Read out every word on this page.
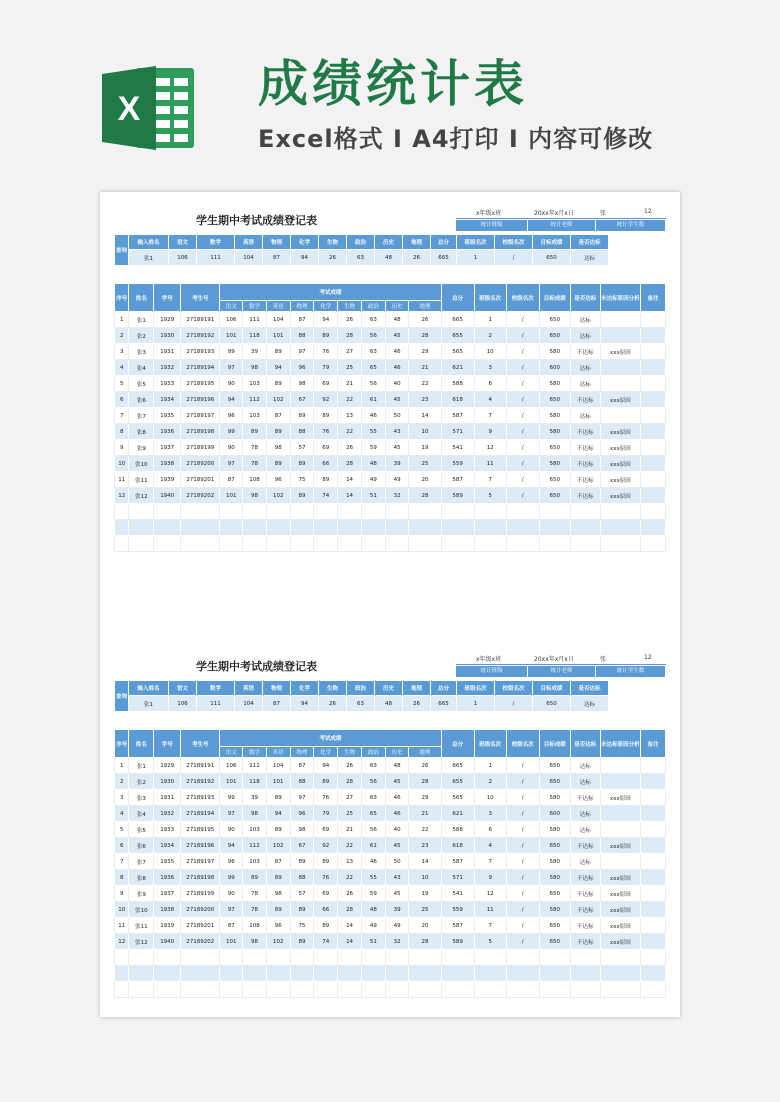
X 成绩统计表
Excel格式 I A4打印 I 内容可修改
学生期中考试成绩登记表
x年级x班	20xx年x月x日	张	12
统计班级	统计老师	统计学生数
查询	输入姓名	语文	数学	英语	物理	化学	生物	政治	历史	地理	总分	班级名次	校级名次	目标成绩	是否达标
	张1	106	111	104	87	94	26	63	48	26	665	1	/	650	达标
序号	姓名	学号	考生号	考试成绩									总分	班级名次	校级名次	目标成绩	是否达标	未达标原因分析	备注
				语文	数学	英语	物理	化学	生物	政治	历史	地理							
1	张1	1929	27189191	106	111	104	87	94	26	63	48	26	665	1	/	650	达标		
2	张2	1930	27189192	101	118	101	88	89	28	56	45	28	655	2	/	650	达标		
3	张3	1931	27189193	99	39	89	97	76	27	63	46	29	565	10	/	580	不达标	xxx原因	
4	张4	1932	27189194	97	98	94	96	79	25	65	46	21	621	3	/	600	达标		
5	张5	1933	27189195	90	103	89	98	69	21	56	40	22	588	6	/	580	达标		
6	张6	1934	27189196	94	112	102	67	92	22	61	45	23	618	4	/	650	不达标	xxx原因	
7	张7	1935	27189197	96	103	87	89	89	13	46	50	14	587	7	/	580	达标		
8	张8	1936	27189198	99	89	89	88	76	22	55	43	10	571	9	/	580	不达标	xxx原因	
9	张9	1937	27189199	90	78	98	57	69	26	59	45	19	541	12	/	650	不达标	xxx原因	
10	张10	1938	27189200	97	78	89	89	66	28	48	39	25	559	11	/	580	不达标	xxx原因	
11	张11	1939	27189201	87	108	96	75	89	14	49	49	20	587	7	/	650	不达标	xxx原因	
12	张12	1940	27189202	101	98	102	89	74	14	51	32	28	589	5	/	650	不达标	xxx原因	

学生期中考试成绩登记表
x年级x班	20xx年x月x日	张	12
统计班级	统计老师	统计学生数
查询	输入姓名	语文	数学	英语	物理	化学	生物	政治	历史	地理	总分	班级名次	校级名次	目标成绩	是否达标
	张1	106	111	104	87	94	26	63	48	26	665	1	/	650	达标
序号	姓名	学号	考生号	考试成绩									总分	班级名次	校级名次	目标成绩	是否达标	未达标原因分析	备注
				语文	数学	英语	物理	化学	生物	政治	历史	地理							
1	张1	1929	27189191	106	111	104	87	94	26	63	48	26	665	1	/	650	达标		
2	张2	1930	27189192	101	118	101	88	89	28	56	45	28	655	2	/	650	达标		
3	张3	1931	27189193	99	39	89	97	76	27	63	46	29	565	10	/	580	不达标	xxx原因	
4	张4	1932	27189194	97	98	94	96	79	25	65	46	21	621	3	/	600	达标		
5	张5	1933	27189195	90	103	89	98	69	21	56	40	22	588	6	/	580	达标		
6	张6	1934	27189196	94	112	102	67	92	22	61	45	23	618	4	/	650	不达标	xxx原因	
7	张7	1935	27189197	96	103	87	89	89	13	46	50	14	587	7	/	580	达标		
8	张8	1936	27189198	99	89	89	88	76	22	55	43	10	571	9	/	580	不达标	xxx原因	
9	张9	1937	27189199	90	78	98	57	69	26	59	45	19	541	12	/	650	不达标	xxx原因	
10	张10	1938	27189200	97	78	89	89	66	28	48	39	25	559	11	/	580	不达标	xxx原因	
11	张11	1939	27189201	87	108	96	75	89	14	49	49	20	587	7	/	650	不达标	xxx原因	
12	张12	1940	27189202	101	98	102	89	74	14	51	32	28	589	5	/	650	不达标	xxx原因	
